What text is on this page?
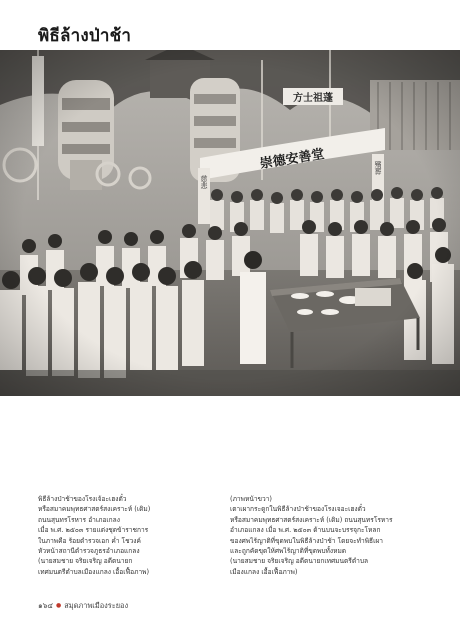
พิธีล้างป่าช้า
พิธีล้างป่าช้าของโรงเจ้อะเฮงตั๋ว
หรือสมาคมพุทธศาสตร์สงเคราะห์ (เดิม)
ถนนสุนทรโรหาร อำเภอเกลง
เมื่อ พ.ศ. ๒๕๐๓ รายแต่งชุดข้าราชการ
ในภาพคือ ร้อยตำรวจเอก ค่ำ โชวงค์
หัวหน้าสถานีตำรวจภูธรอำเภอแกลง
(นายสมชาย จริยเจริญ อดีตนายก
เทศมนตรีตำบลเมืองแกลง เอื้อเฟื้อภาพ)
(ภาพหน้าขวา)
เตาเผากระดูกในพิธีล้างป่าช้าของโรงเจอะเฮงตั๋ว
หรือสมาคมพุทธศาสตร์สงเคราะห์ (เดิม) ถนนสุนทรโรหาร
อำเภอแกลง เมื่อ พ.ศ. ๒๕๐๓ ด้านบนจะบรรจุกะโหลก
ของศพไร้ญาติที่ขุดพบในพิธีล้างป่าช้า โดยจะทำพิธีเผา
และถูกคัดขุดให้ศพไร้ญาติที่ขุดพบทั้งหมด
(นายสมชาย จริยเจริญ อดีตนายกเทศมนตรีตำบล
เมืองแกลง เอื้อเฟื้อภาพ)
๑๖๔ ● สมุดภาพเมืองระยอง
